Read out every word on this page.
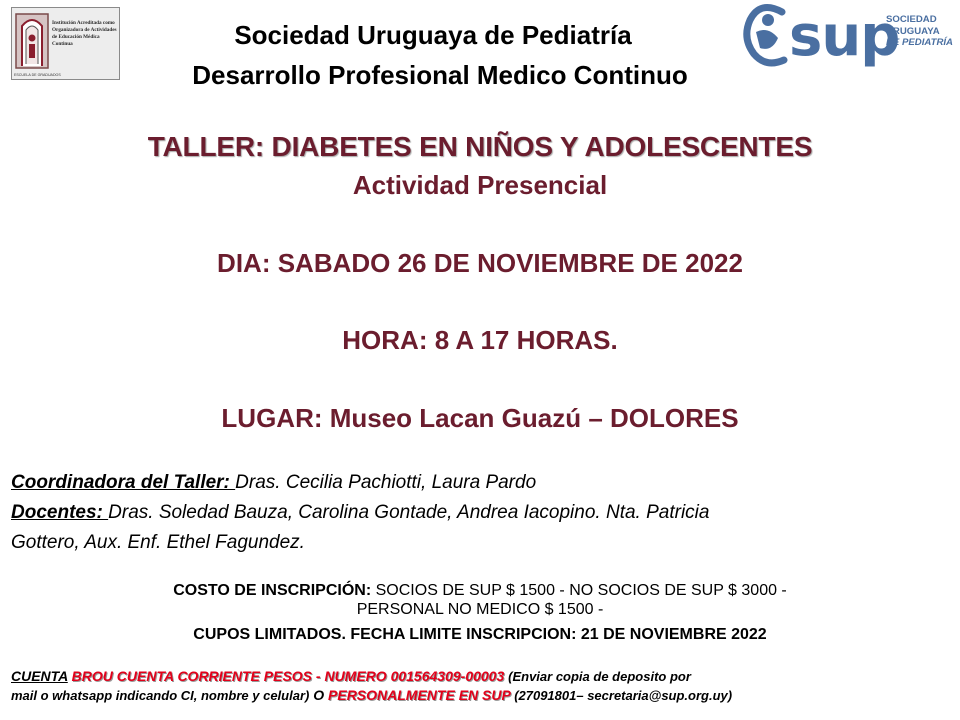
Institución Acreditada como Organizadora de Actividades de Educación Médica Continua
ESCUELA DE GRADUADOS
Sociedad Uruguaya de Pediatría
Desarrollo Profesional Medico Continuo
sup
SOCIEDAD
URUGUAYA
DE PEDIATRÍA
TALLER: DIABETES EN NIÑOS Y ADOLESCENTES
Actividad Presencial
DIA: SABADO 26 DE NOVIEMBRE DE 2022
HORA: 8 A 17 HORAS.
LUGAR: Museo Lacan Guazú – DOLORES
Coordinadora del Taller: Dras. Cecilia Pachiotti, Laura Pardo
Docentes: Dras. Soledad Bauza, Carolina Gontade, Andrea Iacopino. Nta. Patricia
Gottero, Aux. Enf. Ethel Fagundez.
COSTO DE INSCRIPCIÓN: SOCIOS DE SUP $ 1500 - NO SOCIOS DE SUP $ 3000 -
PERSONAL NO MEDICO $ 1500 -
CUPOS LIMITADOS. FECHA LIMITE INSCRIPCION: 21 DE NOVIEMBRE 2022
CUENTA BROU CUENTA CORRIENTE PESOS - NUMERO 001564309-00003 (Enviar copia de deposito por
mail o whatsapp indicando CI, nombre y celular) O PERSONALMENTE EN SUP (27091801– secretaria@sup.org.uy)
